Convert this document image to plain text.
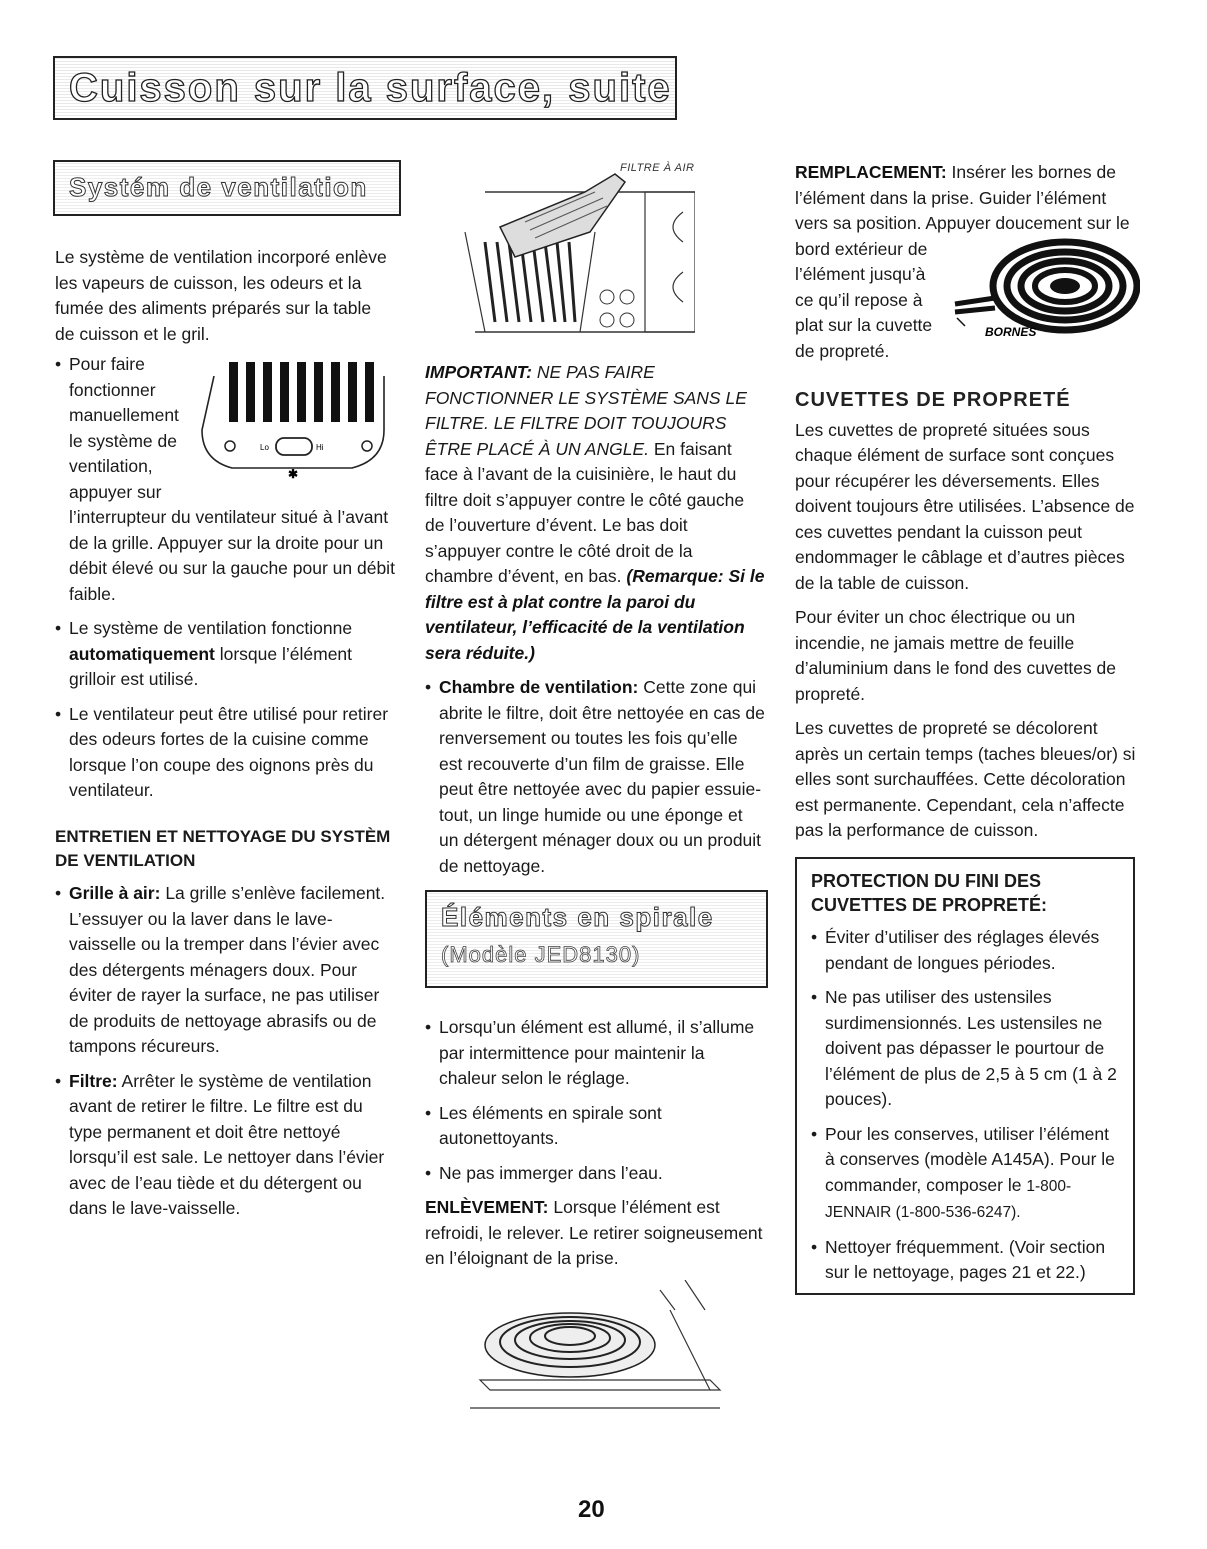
Cuisson sur la surface, suite
Systém de ventilation

Le système de ventilation incorporé enlève les vapeurs de cuisson, les odeurs et la fumée des aliments préparés sur la table de cuisson et le gril.

• Pour faire
fonctionner
manuellement
le système de
ventilation,
appuyer sur
Lo	Hi
✱

l’interrupteur du ventilateur situé à l’avant de la grille. Appuyer sur la droite pour un débit élevé ou sur la gauche pour un débit faible.

• Le système de ventilation fonctionne automatiquement lorsque l’élément grilloir est utilisé.
• Le ventilateur peut être utilisé pour retirer des odeurs fortes de la cuisine comme lorsque l’on coupe des oignons près du ventilateur.
ENTRETIEN ET NETTOYAGE DU SYSTÈM
DE VENTILATION
• Grille à air: La grille s’enlève facilement. L’essuyer ou la laver dans le lave-vaisselle ou la tremper dans l’évier avec des détergents ménagers doux. Pour éviter de rayer la surface, ne pas utiliser de produits de nettoyage abrasifs ou de tampons récureurs.
• Filtre: Arrêter le système de ventilation avant de retirer le filtre. Le filtre est du type permanent et doit être nettoyé lorsqu’il est sale. Le nettoyer dans l’évier avec de l’eau tiède et du détergent ou dans le lave-vaisselle.
FILTRE À AIR

IMPORTANT: NE PAS FAIRE FONCTIONNER LE SYSTÈME SANS LE FILTRE. LE FILTRE DOIT TOUJOURS ÊTRE PLACÉ À UN ANGLE. En faisant face à l’avant de la cuisinière, le haut du filtre doit s’appuyer contre le côté gauche de l’ouverture d’évent. Le bas doit s’appuyer contre le côté droit de la chambre d’évent, en bas. (Remarque: Si le filtre est à plat contre la paroi du ventilateur, l’efficacité de la ventilation sera réduite.)

• Chambre de ventilation: Cette zone qui abrite le filtre, doit être nettoyée en cas de renversement ou toutes les fois qu’elle est recouverte d’un film de graisse. Elle peut être nettoyée avec du papier essuie-tout, un linge humide ou une éponge et un détergent ménager doux ou un produit de nettoyage.
Éléments en spirale
(Modèle JED8130)
• Lorsqu’un élément est allumé, il s’allume par intermittence pour maintenir la chaleur selon le réglage.
• Les éléments en spirale sont autonettoyants.
• Ne pas immerger dans l’eau.

ENLÈVEMENT: Lorsque l’élément est refroidi, le relever. Le retirer soigneusement en l’éloignant de la prise.

REMPLACEMENT: Insérer les bornes de l’élément dans la prise. Guider l’élément vers sa position. Appuyer doucement sur le

bord extérieur de
l’élément jusqu’à
ce qu’il repose à
plat sur la cuvette
de propreté.
BORNES
CUVETTES DE PROPRETÉ

Les cuvettes de propreté situées sous chaque élément de surface sont conçues pour récupérer les déversements. Elles doivent toujours être utilisées. L’absence de ces cuvettes pendant la cuisson peut endommager le câblage et d’autres pièces de la table de cuisson.

Pour éviter un choc électrique ou un incendie, ne jamais mettre de feuille d’aluminium dans le fond des cuvettes de propreté.

Les cuvettes de propreté se décolorent après un certain temps (taches bleues/or) si elles sont surchauffées. Cette décoloration est permanente. Cependant, cela n’affecte pas la performance de cuisson.

PROTECTION DU FINI DES
CUVETTES DE PROPRETÉ:
• Éviter d’utiliser des réglages élevés pendant de longues périodes.
• Ne pas utiliser des ustensiles surdimensionnés. Les ustensiles ne doivent pas dépasser le pourtour de l’élément de plus de 2,5 à 5 cm (1 à 2 pouces).
• Pour les conserves, utiliser l’élément à conserves (modèle A145A). Pour le commander, composer le 1-800-JENNAIR (1-800-536-6247).
• Nettoyer fréquemment. (Voir section sur le nettoyage, pages 21 et 22.)
20
